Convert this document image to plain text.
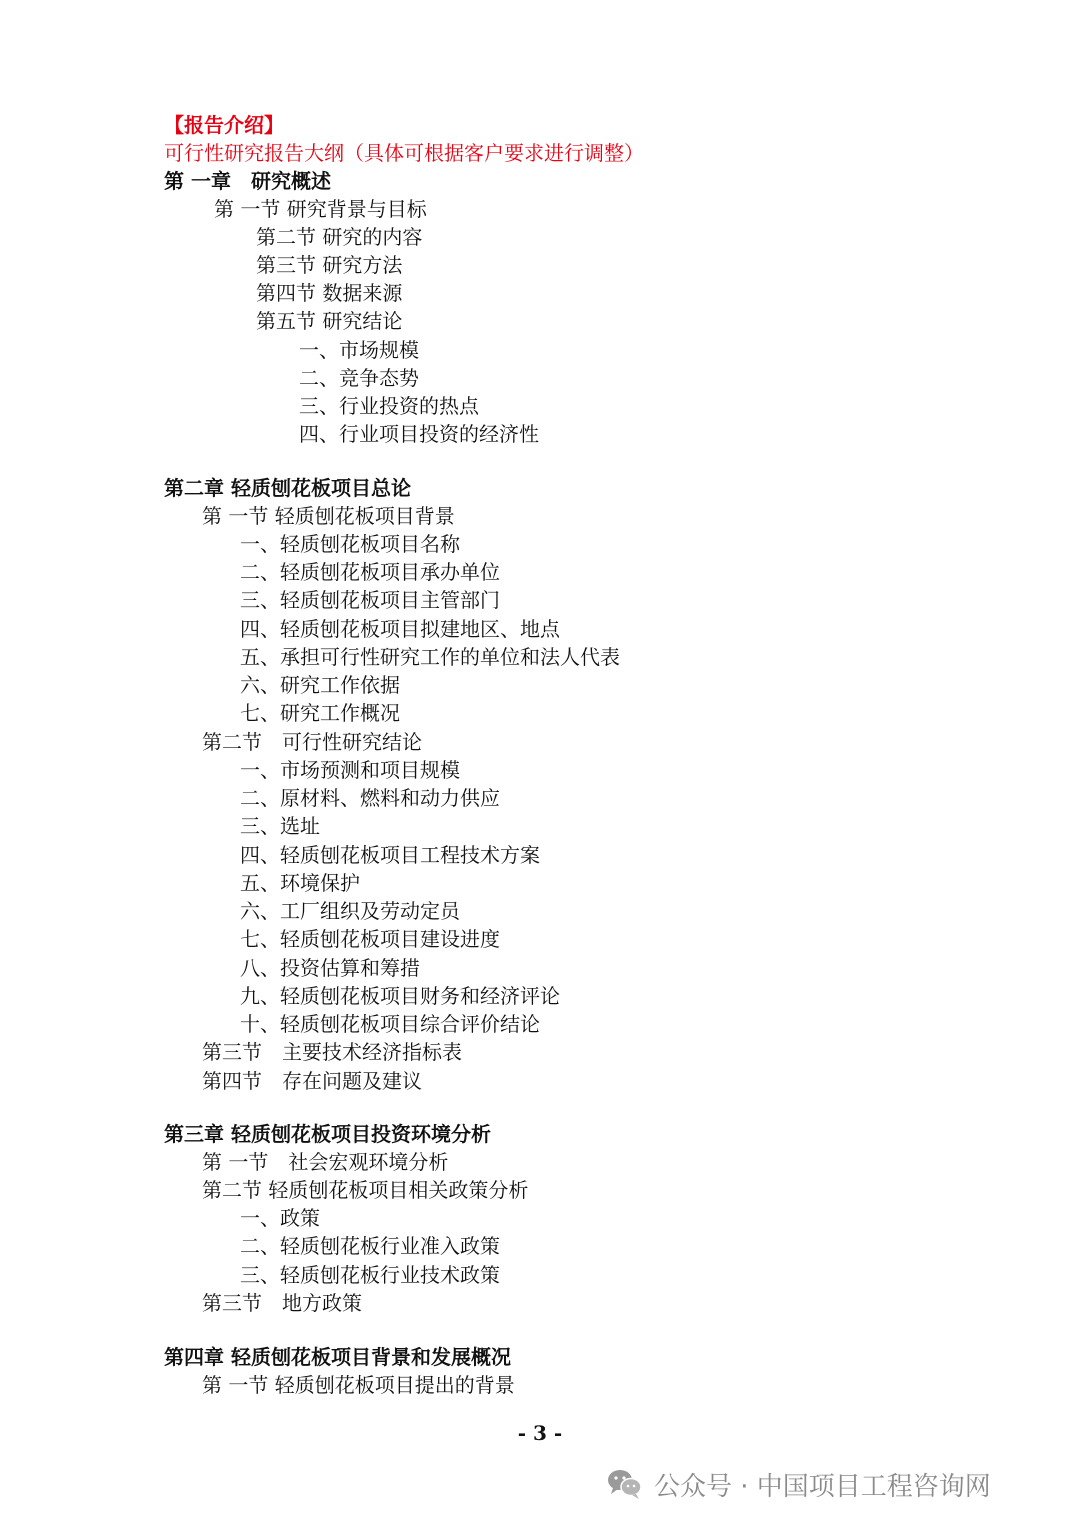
【报告介绍】
可行性研究报告大纲（具体可根据客户要求进行调整）
第 一章　研究概述
第 一节 研究背景与目标
第二节 研究的内容
第三节 研究方法
第四节 数据来源
第五节 研究结论
一、市场规模
二、竞争态势
三、行业投资的热点
四、行业项目投资的经济性
第二章 轻质刨花板项目总论
第 一节 轻质刨花板项目背景
一、轻质刨花板项目名称
二、轻质刨花板项目承办单位
三、轻质刨花板项目主管部门
四、轻质刨花板项目拟建地区、地点
五、承担可行性研究工作的单位和法人代表
六、研究工作依据
七、研究工作概况
第二节　可行性研究结论
一、市场预测和项目规模
二、原材料、燃料和动力供应
三、选址
四、轻质刨花板项目工程技术方案
五、环境保护
六、工厂组织及劳动定员
七、轻质刨花板项目建设进度
八、投资估算和筹措
九、轻质刨花板项目财务和经济评论
十、轻质刨花板项目综合评价结论
第三节　主要技术经济指标表
第四节　存在问题及建议
第三章 轻质刨花板项目投资环境分析
第 一节　社会宏观环境分析
第二节 轻质刨花板项目相关政策分析
一、政策
二、轻质刨花板行业准入政策
三、轻质刨花板行业技术政策
第三节　地方政策
第四章 轻质刨花板项目背景和发展概况
第 一节 轻质刨花板项目提出的背景
- 3 -
公众号 · 中国项目工程咨询网
